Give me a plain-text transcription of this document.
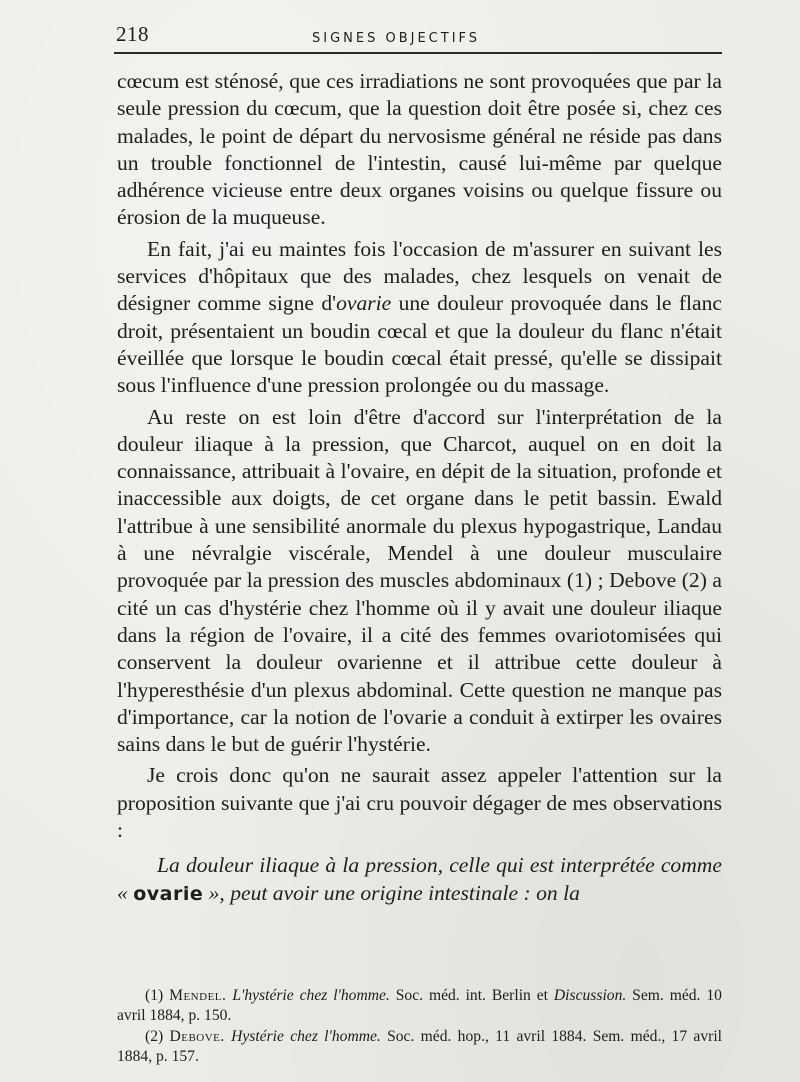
218	SIGNES OBJECTIFS

cœcum est sténosé, que ces irradiations ne sont provoquées que par la seule pression du cœcum, que la question doit être posée si, chez ces malades, le point de départ du nervosisme général ne réside pas dans un trouble fonctionnel de l'intestin, causé lui-même par quelque adhérence vicieuse entre deux organes voisins ou quelque fissure ou érosion de la muqueuse.

En fait, j'ai eu maintes fois l'occasion de m'assurer en suivant les services d'hôpitaux que des malades, chez lesquels on venait de désigner comme signe d'ovarie une douleur provoquée dans le flanc droit, présentaient un boudin cœcal et que la douleur du flanc n'était éveillée que lorsque le boudin cœcal était pressé, qu'elle se dissipait sous l'influence d'une pression prolongée ou du massage.

Au reste on est loin d'être d'accord sur l'interprétation de la douleur iliaque à la pression, que Charcot, auquel on en doit la connaissance, attribuait à l'ovaire, en dépit de la situation, profonde et inaccessible aux doigts, de cet organe dans le petit bassin. Ewald l'attribue à une sensibilité anormale du plexus hypogastrique, Landau à une névralgie viscérale, Mendel à une douleur musculaire provoquée par la pression des muscles abdominaux (1) ; Debove (2) a cité un cas d'hystérie chez l'homme où il y avait une douleur iliaque dans la région de l'ovaire, il a cité des femmes ovariotomisées qui conservent la douleur ovarienne et il attribue cette douleur à l'hyperesthésie d'un plexus abdominal. Cette question ne manque pas d'importance, car la notion de l'ovarie a conduit à extirper les ovaires sains dans le but de guérir l'hystérie.

Je crois donc qu'on ne saurait assez appeler l'attention sur la proposition suivante que j'ai cru pouvoir dégager de mes observations :

La douleur iliaque à la pression, celle qui est interprétée comme « ovarie », peut avoir une origine intestinale : on la

(1) Mendel. L'hystérie chez l'homme. Soc. méd. int. Berlin et Discussion. Sem. méd. 10 avril 1884, p. 150.

(2) Debove. Hystérie chez l'homme. Soc. méd. hop., 11 avril 1884. Sem. méd., 17 avril 1884, p. 157.
